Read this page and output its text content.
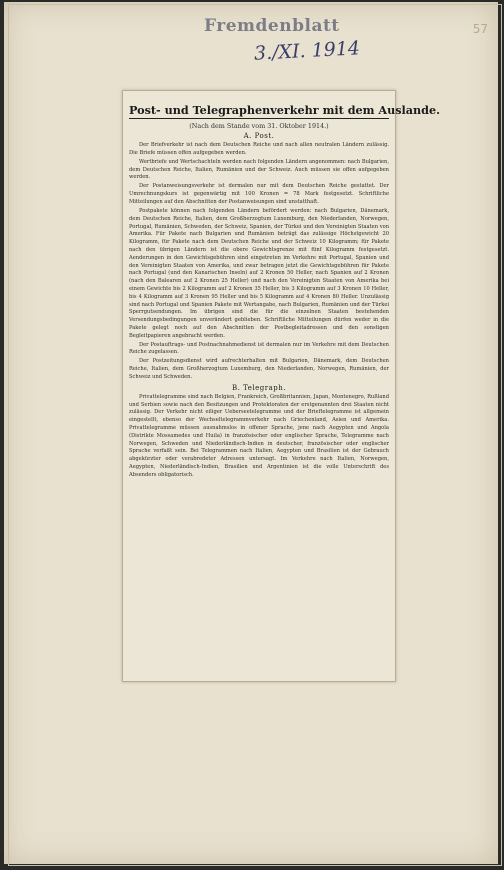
Fremdenblatt
3./XI. 1914
57
Post- und Telegraphenverkehr mit dem Auslande.
(Nach dem Stande vom 31. Oktober 1914.)
A. Post.

Der Briefverkehr ist nach dem Deutschen Reiche und nach allen neutralen Ländern zulässig. Die Briefe müssen offen aufgegeben werden.

Wertbriefe und Wertschachteln werden nach folgenden Ländern angenommen: nach Bulgarien, dem Deutschen Reiche, Italien, Rumänien und der Schweiz. Auch müssen sie offen aufgegeben werden.

Der Postanweisungsverkehr ist dermalen nur mit dem Deutschen Reiche gestattet. Der Umrechnungskurs ist gegenwärtig mit 100 Kronen = 78 Mark festgesetzt. Schriftliche Mitteilungen auf den Abschnitten der Postanweisungen sind unstatthaft.

Postpakete können nach folgenden Ländern befördert werden: nach Bulgarien, Dänemark, dem Deutschen Reiche, Italien, dem Großherzogtum Luxemburg, den Niederlanden, Norwegen, Portugal, Rumänien, Schweden, der Schweiz, Spanien, der Türkei und den Vereinigten Staaten von Amerika. Für Pakete nach Bulgarien und Rumänien beträgt das zulässige Höchstgewicht 20 Kilogramm, für Pakete nach dem Deutschen Reiche und der Schweiz 10 Kilogramm; für Pakete nach den übrigen Ländern ist die obere Gewichtsgrenze mit fünf Kilogramm festgesetzt. Aenderungen in den Gewichtsgebühren sind eingetreten im Verkehre mit Portugal, Spanien und den Vereinigten Staaten von Amerika, und zwar betragen jetzt die Gewichtsgebühren für Pakete nach Portugal (und den Kanarischen Inseln) auf 2 Kronen 50 Heller, nach Spanien auf 2 Kronen (nach den Balearen auf 2 Kronen 25 Heller) und nach den Vereinigten Staaten von Amerika bei einem Gewichte bis 2 Kilogramm auf 2 Kronen 35 Heller, bis 3 Kilogramm auf 3 Kronen 10 Heller, bis 4 Kilogramm auf 3 Kronen 95 Heller und bis 5 Kilogramm auf 4 Kronen 80 Heller. Unzulässig sind nach Portugal und Spanien Pakete mit Wertangabe, nach Bulgarien, Rumänien und der Türkei Sperrgutsendungen. Im übrigen sind die für die einzelnen Staaten bestehenden Versendungsbedingungen unverändert geblieben. Schriftliche Mitteilungen dürfen weder in die Pakete gelegt noch auf den Abschnitten der Postbegleitadressen und den sonstigen Begleitpapieren angebracht werden.

Der Postauftrags- und Postnachnahmedienst ist dermalen nur im Verkehre mit dem Deutschen Reiche zugelassen.

Der Postzeitungsdienst wird aufrechterhalten mit Bulgarien, Dänemark, dem Deutschen Reiche, Italien, dem Großherzogtum Luxemburg, den Niederlanden, Norwegen, Rumänien, der Schweiz und Schweden.

B. Telegraph.

Privattelegramme sind nach Belgien, Frankreich, Großbritannien, Japan, Montenegro, Rußland und Serbien sowie nach den Besitzungen und Protektoraten der erstgenannten drei Staaten nicht zulässig. Der Verkehr nicht eiliger Ueberseetelegramme und der Brieftelegramme ist allgemein eingestellt, ebenso der Wechseltelegrammverkehr nach Griechenland, Asien und Amerika. Privattelegramme müssen ausnahmslos in offener Sprache, jene nach Aegypten und Angola (Distrikte Mossamedes und Huila) in französischer oder englischer Sprache, Telegramme nach Norwegen, Schweden und Niederländisch-Indien in deutscher, französischer oder englischer Sprache verfaßt sein. Bei Telegrammen nach Italien, Aegypten und Brasilien ist der Gebrauch abgekürzter oder verabredeter Adressen untersagt. Im Verkehre nach Italien, Norwegen, Aegypten, Niederländisch-Indien, Brasilien und Argentinien ist die volle Unterschrift des Absenders obligatorisch.
